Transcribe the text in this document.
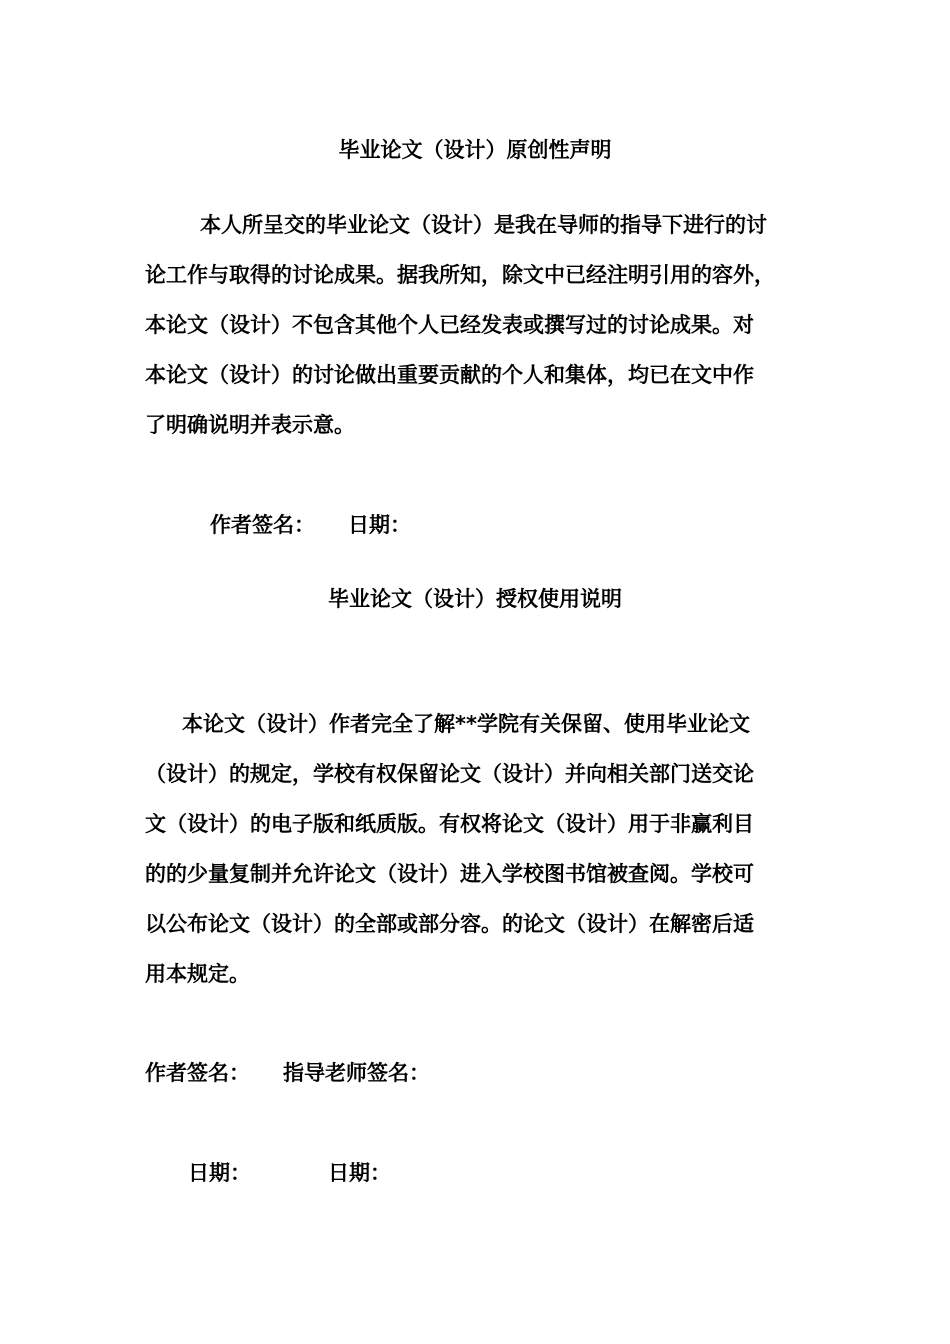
毕业论文（设计）原创性声明
本人所呈交的毕业论文（设计）是我在导师的指导下进行的讨
论工作与取得的讨论成果。据我所知，除文中已经注明引用的容外，
本论文（设计）不包含其他个人已经发表或撰写过的讨论成果。对
本论文（设计）的讨论做出重要贡献的个人和集体，均已在文中作
了明确说明并表示意。
作者签名： 日期：
毕业论文（设计）授权使用说明
本论文（设计）作者完全了解**学院有关保留、使用毕业论文
（设计）的规定，学校有权保留论文（设计）并向相关部门送交论
文（设计）的电子版和纸质版。有权将论文（设计）用于非赢利目
的的少量复制并允许论文（设计）进入学校图书馆被查阅。学校可
以公布论文（设计）的全部或部分容。的论文（设计）在解密后适
用本规定。
作者签名： 指导老师签名：
日期：	日期：
